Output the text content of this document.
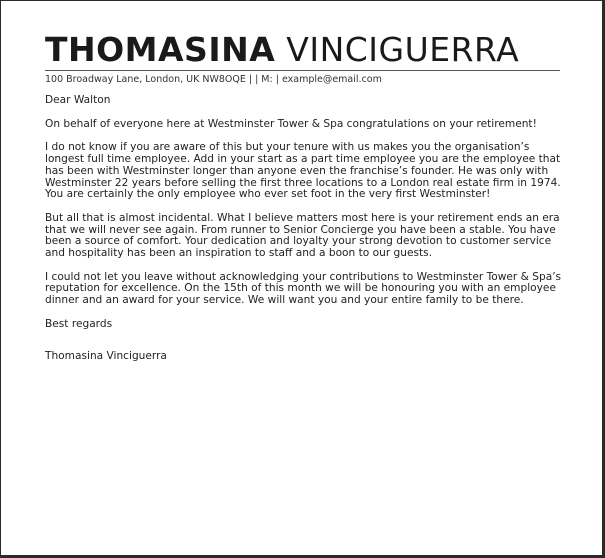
THOMASINA VINCIGUERRA
100 Broadway Lane, London, UK NW8OQE | | M: | example@email.com

Dear Walton

On behalf of everyone here at Westminster Tower & Spa congratulations on your retirement!

I do not know if you are aware of this but your tenure with us makes you the organisation’s longest full time employee. Add in your start as a part time employee you are the employee that has been with Westminster longer than anyone even the franchise’s founder. He was only with Westminster 22 years before selling the first three locations to a London real estate firm in 1974. You are certainly the only employee who ever set foot in the very first Westminster!

But all that is almost incidental. What I believe matters most here is your retirement ends an era that we will never see again. From runner to Senior Concierge you have been a stable. You have been a source of comfort. Your dedication and loyalty your strong devotion to customer service and hospitality has been an inspiration to staff and a boon to our guests.

I could not let you leave without acknowledging your contributions to Westminster Tower & Spa’s reputation for excellence. On the 15th of this month we will be honouring you with an employee dinner and an award for your service. We will want you and your entire family to be there.

Best regards

Thomasina Vinciguerra
